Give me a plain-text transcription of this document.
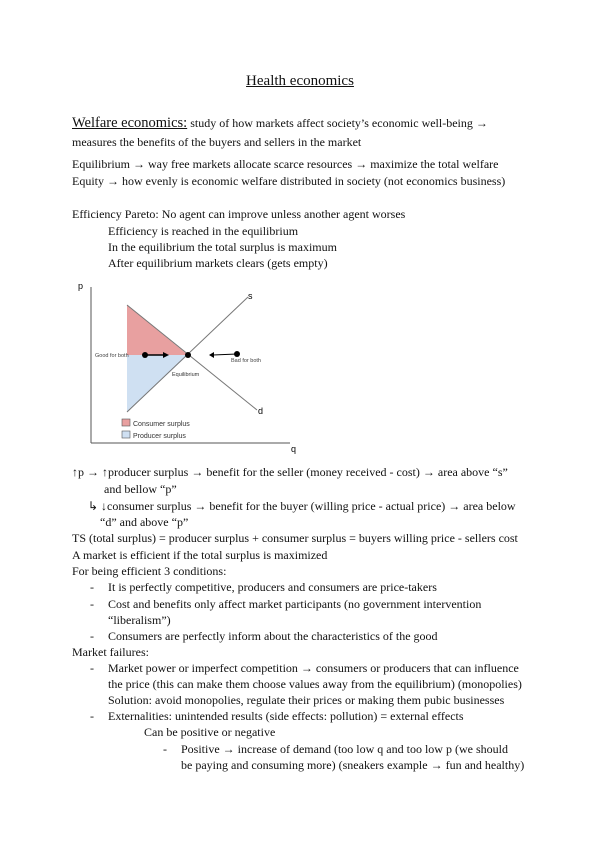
Health economics
Welfare economics: study of how markets affect society’s economic well-being →
measures the benefits of the buyers and sellers in the market
Equilibrium → way free markets allocate scarce resources → maximize the total welfare
Equity → how evenly is economic welfare distributed in society (not economics business)
Efficiency Pareto: No agent can improve unless another agent worses
Efficiency is reached in the equilibrium
In the equilibrium the total surplus is maximum
After equilibrium markets clears (gets empty)
p
q
s
d
Good for both
Bad for both
Equilibrium
Consumer surplus
Producer surplus
↑p → ↑producer surplus → benefit for the seller (money received - cost) → area above “s”
and bellow “p”
↳ ↓consumer surplus → benefit for the buyer (willing price - actual price) → area below
“d” and above “p”
TS (total surplus) = producer surplus + consumer surplus = buyers willing price - sellers cost
A market is efficient if the total surplus is maximized
For being efficient 3 conditions:
- It is perfectly competitive, producers and consumers are price-takers
- Cost and benefits only affect market participants (no government intervention
“liberalism”)
- Consumers are perfectly inform about the characteristics of the good
Market failures:
- Market power or imperfect competition → consumers or producers that can influence
the price (this can make them choose values away from the equilibrium) (monopolies)
Solution: avoid monopolies, regulate their prices or making them pubic businesses
- Externalities: unintended results (side effects: pollution) = external effects
Can be positive or negative
- Positive → increase of demand (too low q and too low p (we should
be paying and consuming more) (sneakers example → fun and healthy)
